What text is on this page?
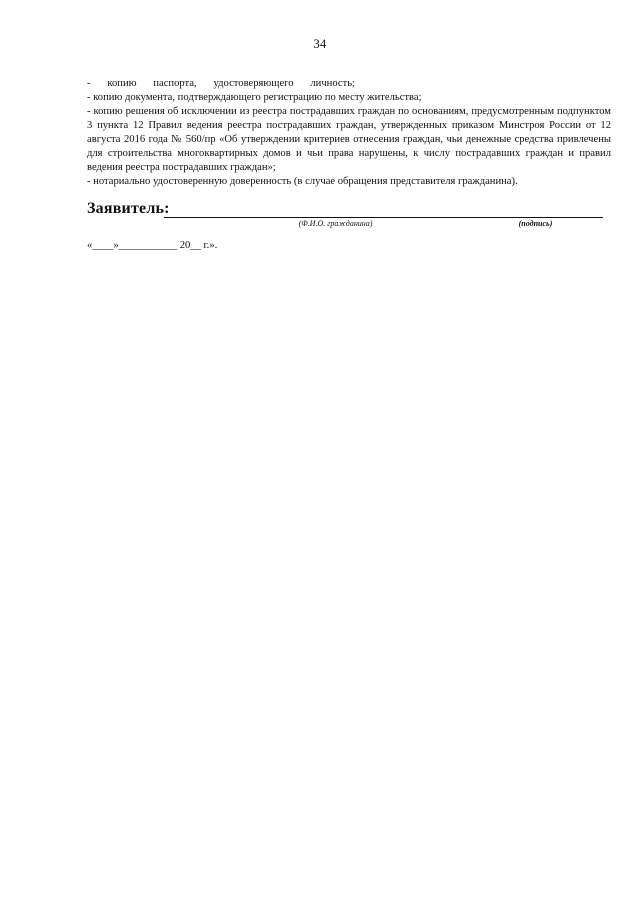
34

- копию паспорта, удостоверяющего личность;

- копию документа, подтверждающего регистрацию по месту жительства;

- копию решения об исключении из реестра пострадавших граждан по основаниям, предусмотренным подпунктом 3 пункта 12 Правил ведения реестра пострадавших граждан, утвержденных приказом Минстроя России от 12 августа 2016 года № 560/пр «Об утверждении критериев отнесения граждан, чьи денежные средства привлечены для строительства многоквартирных домов и чьи права нарушены, к числу пострадавших граждан и правил ведения реестра пострадавших граждан»;

- нотариально удостоверенную доверенность (в случае обращения представителя гражданина).

Заявитель:
(Ф.И.О. гражданина)	(подпись)
«____»___________ 20__ г.».
